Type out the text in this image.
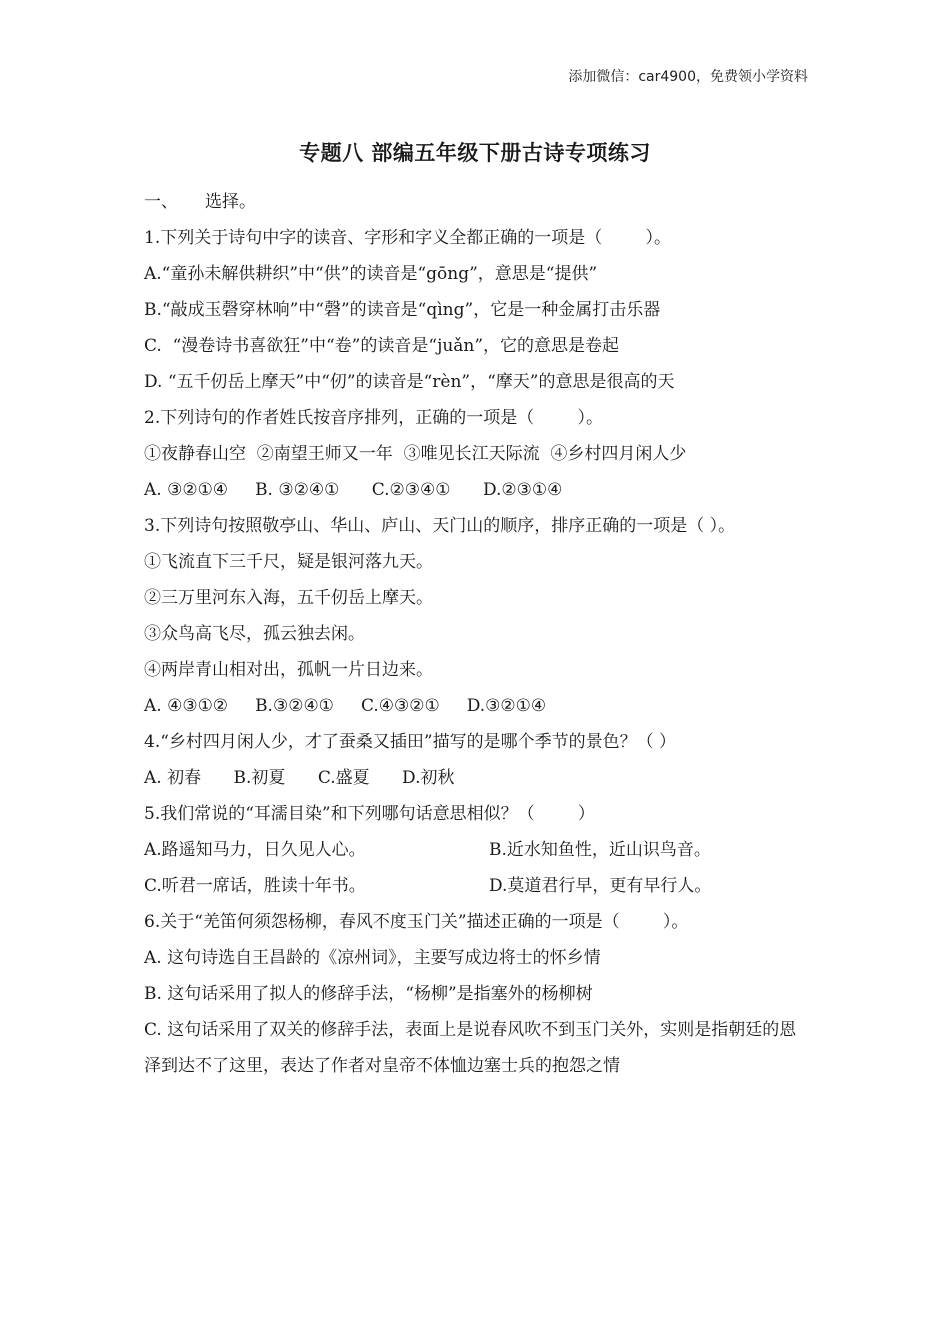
添加微信：car4900，免费领小学资料
专题八 部编五年级下册古诗专项练习
一、     选择。
1.下列关于诗句中字的读音、字形和字义全都正确的一项是（        ）。
A.“童孙未解供耕织”中“供”的读音是“gōng”，意思是“提供”
B.“敲成玉磬穿林响”中“磬”的读音是“qìng”，它是一种金属打击乐器
C.  “漫卷诗书喜欲狂”中“卷”的读音是“juǎn”，它的意思是卷起
D. “五千仞岳上摩天”中“仞”的读音是“rèn”，“摩天”的意思是很高的天
2.下列诗句的作者姓氏按音序排列，正确的一项是（        ）。
①夜静春山空  ②南望王师又一年  ③唯见长江天际流  ④乡村四月闲人少
A. ③②①④     B. ③②④①      C.②③④①      D.②③①④
3.下列诗句按照敬亭山、华山、庐山、天门山的顺序，排序正确的一项是（ ）。
①飞流直下三千尺，疑是银河落九天。
②三万里河东入海，五千仞岳上摩天。
③众鸟高飞尽，孤云独去闲。
④两岸青山相对出，孤帆一片日边来。
A. ④③①②     B.③②④①     C.④③②①     D.③②①④
4.“乡村四月闲人少，才了蚕桑又插田”描写的是哪个季节的景色？（ ）
A. 初春      B.初夏      C.盛夏      D.初秋
5.我们常说的“耳濡目染”和下列哪句话意思相似？（        ）
A.路遥知马力，日久见人心。	B.近水知鱼性，近山识鸟音。
C.听君一席话，胜读十年书。	D.莫道君行早，更有早行人。
6.关于“羌笛何须怨杨柳，春风不度玉门关”描述正确的一项是（        ）。
A. 这句诗选自王昌龄的《凉州词》，主要写成边将士的怀乡情
B. 这句话采用了拟人的修辞手法，“杨柳”是指塞外的杨柳树
C. 这句话采用了双关的修辞手法，表面上是说春风吹不到玉门关外，实则是指朝廷的恩泽到达不了这里，表达了作者对皇帝不体恤边塞士兵的抱怨之情
